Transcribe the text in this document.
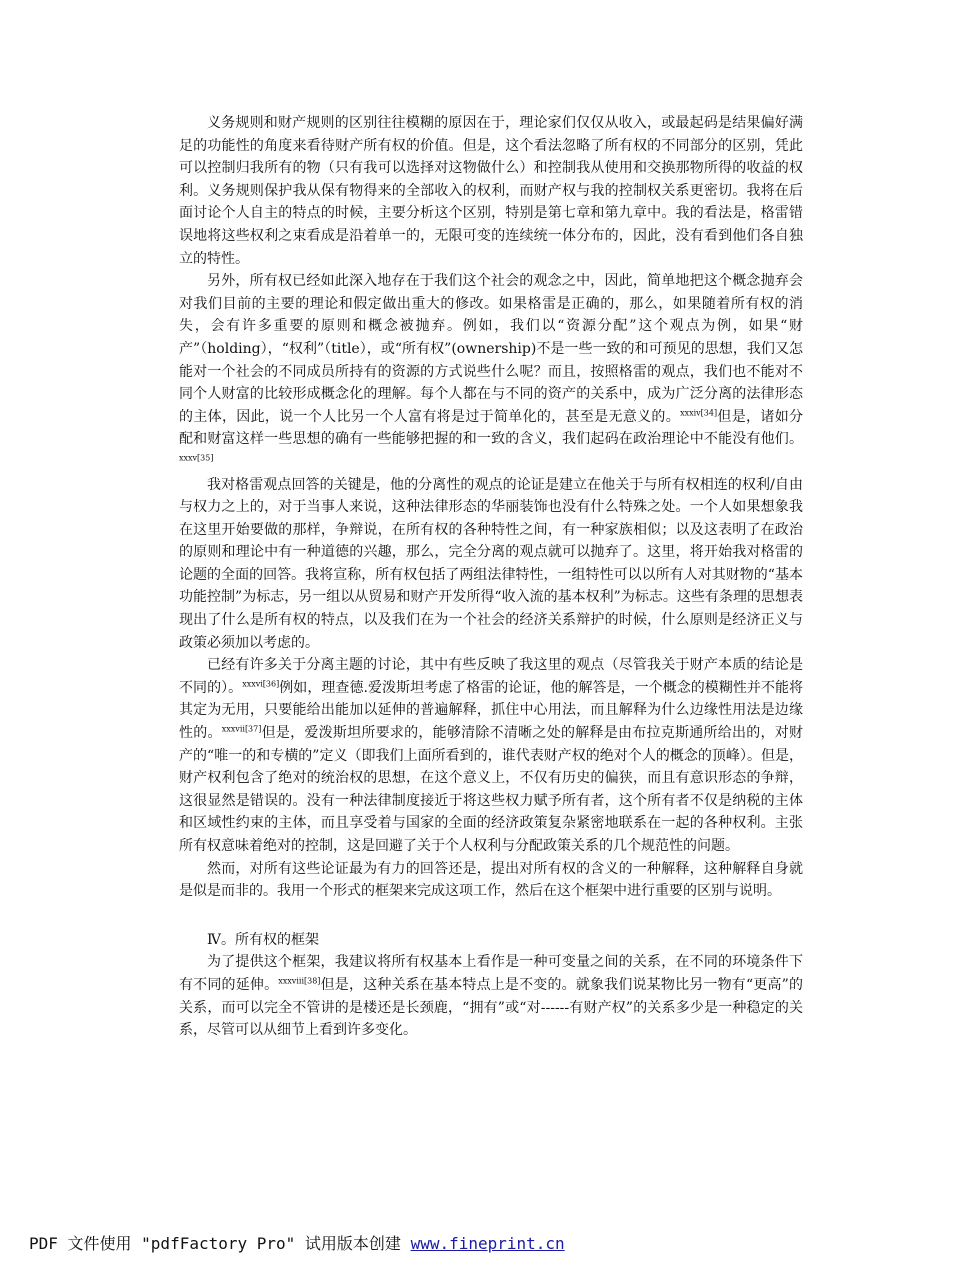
义务规则和财产规则的区别往往模糊的原因在于，理论家们仅仅从收入，或最起码是结果偏好满足的功能性的角度来看待财产所有权的价值。但是，这个看法忽略了所有权的不同部分的区别，凭此可以控制归我所有的物（只有我可以选择对这物做什么）和控制我从使用和交换那物所得的收益的权利。义务规则保护我从保有物得来的全部收入的权利，而财产权与我的控制权关系更密切。我将在后面讨论个人自主的特点的时候，主要分析这个区别，特别是第七章和第九章中。我的看法是，格雷错误地将这些权利之束看成是沿着单一的，无限可变的连续统一体分布的，因此，没有看到他们各自独立的特性。

另外，所有权已经如此深入地存在于我们这个社会的观念之中，因此，简单地把这个概念抛弃会对我们目前的主要的理论和假定做出重大的修改。如果格雷是正确的，那么，如果随着所有权的消失，会有许多重要的原则和概念被抛弃。例如，我们以“资源分配”这个观点为例，如果“财产”（holding），“权利”（title），或“所有权”(ownership)不是一些一致的和可预见的思想，我们又怎能对一个社会的不同成员所持有的资源的方式说些什么呢？而且，按照格雷的观点，我们也不能对不同个人财富的比较形成概念化的理解。每个人都在与不同的资产的关系中，成为广泛分离的法律形态的主体，因此，说一个人比另一个人富有将是过于简单化的，甚至是无意义的。$^{xxxiv[34]}$但是，诸如分配和财富这样一些思想的确有一些能够把握的和一致的含义，我们起码在政治理论中不能没有他们。$^{xxxv[35]}$

我对格雷观点回答的关键是，他的分离性的观点的论证是建立在他关于与所有权相连的权利/自由与权力之上的，对于当事人来说，这种法律形态的华丽装饰也没有什么特殊之处。一个人如果想象我在这里开始要做的那样，争辩说，在所有权的各种特性之间，有一种家族相似；以及这表明了在政治的原则和理论中有一种道德的兴趣，那么，完全分离的观点就可以抛弃了。这里，将开始我对格雷的论题的全面的回答。我将宣称，所有权包括了两组法律特性，一组特性可以以所有人对其财物的“基本功能控制”为标志，另一组以从贸易和财产开发所得“收入流的基本权利”为标志。这些有条理的思想表现出了什么是所有权的特点，以及我们在为一个社会的经济关系辩护的时候，什么原则是经济正义与政策必须加以考虑的。

已经有许多关于分离主题的讨论，其中有些反映了我这里的观点（尽管我关于财产本质的结论是不同的）。$^{xxxvi[36]}$例如，理查德.爱泼斯坦考虑了格雷的论证，他的解答是，一个概念的模糊性并不能将其定为无用，只要能给出能加以延伸的普遍解释，抓住中心用法，而且解释为什么边缘性用法是边缘性的。$^{xxxvii[37]}$但是，爱泼斯坦所要求的，能够清除不清晰之处的解释是由布拉克斯通所给出的，对财产的“唯一的和专横的”定义（即我们上面所看到的，谁代表财产权的绝对个人的概念的顶峰）。但是，财产权利包含了绝对的统治权的思想，在这个意义上，不仅有历史的偏狭，而且有意识形态的争辩，这很显然是错误的。没有一种法律制度接近于将这些权力赋予所有者，这个所有者不仅是纳税的主体和区域性约束的主体，而且享受着与国家的全面的经济政策复杂紧密地联系在一起的各种权利。主张所有权意味着绝对的控制，这是回避了关于个人权利与分配政策关系的几个规范性的问题。

然而，对所有这些论证最为有力的回答还是，提出对所有权的含义的一种解释，这种解释自身就是似是而非的。我用一个形式的框架来完成这项工作，然后在这个框架中进行重要的区别与说明。

Ⅳ。所有权的框架

为了提供这个框架，我建议将所有权基本上看作是一种可变量之间的关系，在不同的环境条件下有不同的延伸。$^{xxxviii[38]}$但是，这种关系在基本特点上是不变的。就象我们说某物比另一物有“更高”的关系，而可以完全不管讲的是楼还是长颈鹿，“拥有”或“对------有财产权”的关系多少是一种稳定的关系，尽管可以从细节上看到许多变化。

PDF 文件使用 "pdfFactory Pro" 试用版本创建 www.fineprint.cn
